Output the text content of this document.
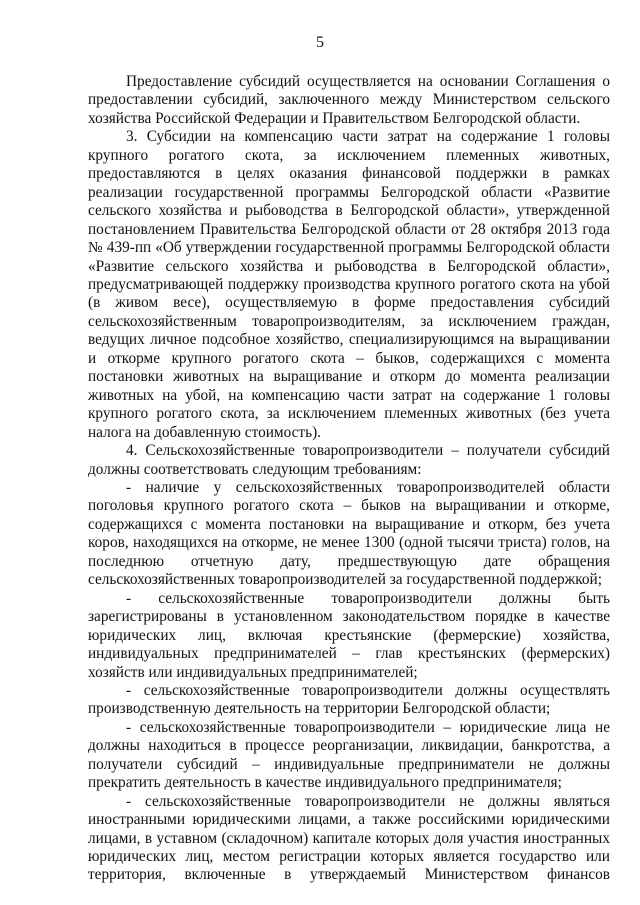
5

Предоставление субсидий осуществляется на основании Соглашения о предоставлении субсидий, заключенного между Министерством сельского хозяйства Российской Федерации и Правительством Белгородской области.

3. Субсидии на компенсацию части затрат на содержание 1 головы крупного рогатого скота, за исключением племенных животных, предоставляются в целях оказания финансовой поддержки в рамках реализации государственной программы Белгородской области «Развитие сельского хозяйства и рыбоводства в Белгородской области», утвержденной постановлением Правительства Белгородской области от 28 октября 2013 года № 439-пп «Об утверждении государственной программы Белгородской области «Развитие сельского хозяйства и рыбоводства в Белгородской области», предусматривающей поддержку производства крупного рогатого скота на убой (в живом весе), осуществляемую в форме предоставления субсидий сельскохозяйственным товаропроизводителям, за исключением граждан, ведущих личное подсобное хозяйство, специализирующимся на выращивании и откорме крупного рогатого скота – быков, содержащихся с момента постановки животных на выращивание и откорм до момента реализации животных на убой, на компенсацию части затрат на содержание 1 головы крупного рогатого скота, за исключением племенных животных (без учета налога на добавленную стоимость).

4. Сельскохозяйственные товаропроизводители – получатели субсидий должны соответствовать следующим требованиям:

- наличие у сельскохозяйственных товаропроизводителей области поголовья крупного рогатого скота – быков на выращивании и откорме, содержащихся с момента постановки на выращивание и откорм, без учета коров, находящихся на откорме, не менее 1300 (одной тысячи триста) голов, на последнюю отчетную дату, предшествующую дате обращения сельскохозяйственных товаропроизводителей за государственной поддержкой;

- сельскохозяйственные товаропроизводители должны быть зарегистрированы в установленном законодательством порядке в качестве юридических лиц, включая крестьянские (фермерские) хозяйства, индивидуальных предпринимателей – глав крестьянских (фермерских) хозяйств или индивидуальных предпринимателей;

- сельскохозяйственные товаропроизводители должны осуществлять производственную деятельность на территории Белгородской области;

- сельскохозяйственные товаропроизводители – юридические лица не должны находиться в процессе реорганизации, ликвидации, банкротства, а получатели субсидий – индивидуальные предприниматели не должны прекратить деятельность в качестве индивидуального предпринимателя;

- сельскохозяйственные товаропроизводители не должны являться иностранными юридическими лицами, а также российскими юридическими лицами, в уставном (складочном) капитале которых доля участия иностранных юридических лиц, местом регистрации которых является государство или территория, включенные в утверждаемый Министерством финансов
